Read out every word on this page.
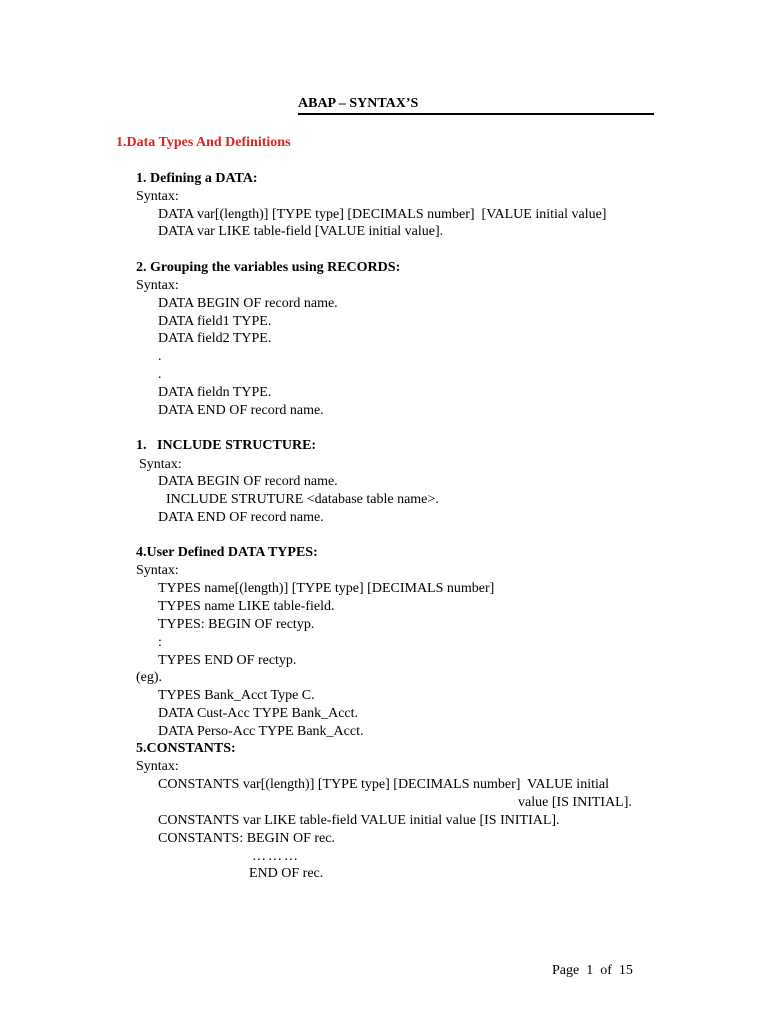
ABAP – SYNTAX’S
1.Data Types And Definitions
1. Defining a DATA:
Syntax:
DATA var[(length)] [TYPE type] [DECIMALS number]  [VALUE initial value]
DATA var LIKE table-field [VALUE initial value].
2. Grouping the variables using RECORDS:
Syntax:
DATA BEGIN OF record name.
DATA field1 TYPE.
DATA field2 TYPE.
.
.
DATA fieldn TYPE.
DATA END OF record name.
1.   INCLUDE STRUCTURE:
Syntax:
DATA BEGIN OF record name.
INCLUDE STRUTURE <database table name>.
DATA END OF record name.
4.User Defined DATA TYPES:
Syntax:
TYPES name[(length)] [TYPE type] [DECIMALS number]
TYPES name LIKE table-field.
TYPES: BEGIN OF rectyp.
:
TYPES END OF rectyp.
(eg).
TYPES Bank_Acct Type C.
DATA Cust-Acc TYPE Bank_Acct.
DATA Perso-Acc TYPE Bank_Acct.
5.CONSTANTS:
Syntax:
CONSTANTS var[(length)] [TYPE type] [DECIMALS number]  VALUE initial
value [IS INITIAL].
CONSTANTS var LIKE table-field VALUE initial value [IS INITIAL].
CONSTANTS: BEGIN OF rec.
………
END OF rec.
Page  1  of  15
